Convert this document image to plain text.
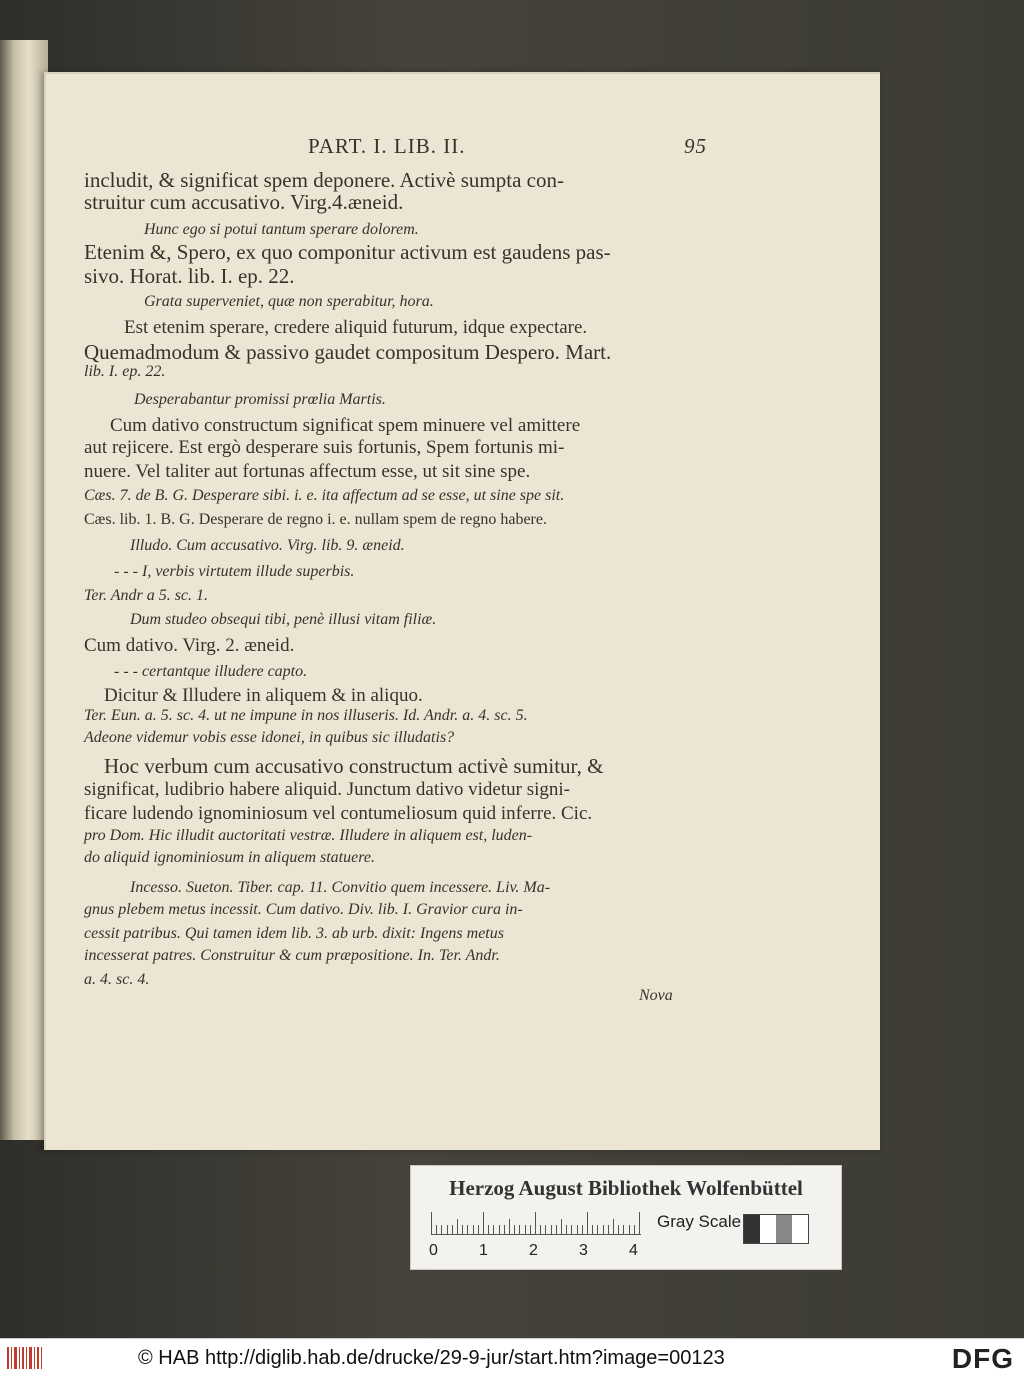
PART. I. LIB. II.	95
includit, & significat spem deponere. Activè sumpta con-
struitur cum accusativo. Virg.4.æneid.
Hunc ego si potui tantum sperare dolorem.
Etenim &, Spero, ex quo componitur activum est gaudens pas-
sivo. Horat. lib. I. ep. 22.
Grata superveniet, quæ non sperabitur, hora.
Est etenim sperare, credere aliquid futurum, idque expectare.
Quemadmodum & passivo gaudet compositum Despero. Mart.
lib. I. ep. 22.
Desperabantur promissi prœlia Martis.
Cum dativo constructum significat spem minuere vel amittere
aut rejicere. Est ergò desperare suis fortunis, Spem fortunis mi-
nuere. Vel taliter aut fortunas affectum esse, ut sit sine spe.
Cæs. 7. de B. G. Desperare sibi. i. e. ita affectum ad se esse, ut sine spe sit.
Cæs. lib. 1. B. G. Desperare de regno i. e. nullam spem de regno habere.
Illudo. Cum accusativo. Virg. lib. 9. æneid.
- - - I, verbis virtutem illude superbis.
Ter. Andr a 5. sc. 1.
Dum studeo obsequi tibi, penè illusi vitam filiæ.
Cum dativo. Virg. 2. æneid.
- - - certantque illudere capto.
Dicitur & Illudere in aliquem & in aliquo.
Ter. Eun. a. 5. sc. 4. ut ne impune in nos illuseris. Id. Andr. a. 4. sc. 5.
Adeone videmur vobis esse idonei, in quibus sic illudatis?
Hoc verbum cum accusativo constructum activè sumitur, &
significat, ludibrio habere aliquid. Junctum dativo videtur signi-
ficare ludendo ignominiosum vel contumeliosum quid inferre. Cic.
pro Dom. Hic illudit auctoritati vestræ. Illudere in aliquem est, luden-
do aliquid ignominiosum in aliquem statuere.
Incesso. Sueton. Tiber. cap. 11. Convitio quem incessere. Liv. Ma-
gnus plebem metus incessit. Cum dativo. Div. lib. I. Gravior cura in-
cessit patribus. Qui tamen idem lib. 3. ab urb. dixit: Ingens metus
incesserat patres. Construitur & cum præpositione. In. Ter. Andr.
a. 4. sc. 4.
Nova
Herzog August Bibliothek Wolfenbüttel
0	1	2	3	4
Gray Scale
© HAB http://diglib.hab.de/drucke/29-9-jur/start.htm?image=00123	DFG
